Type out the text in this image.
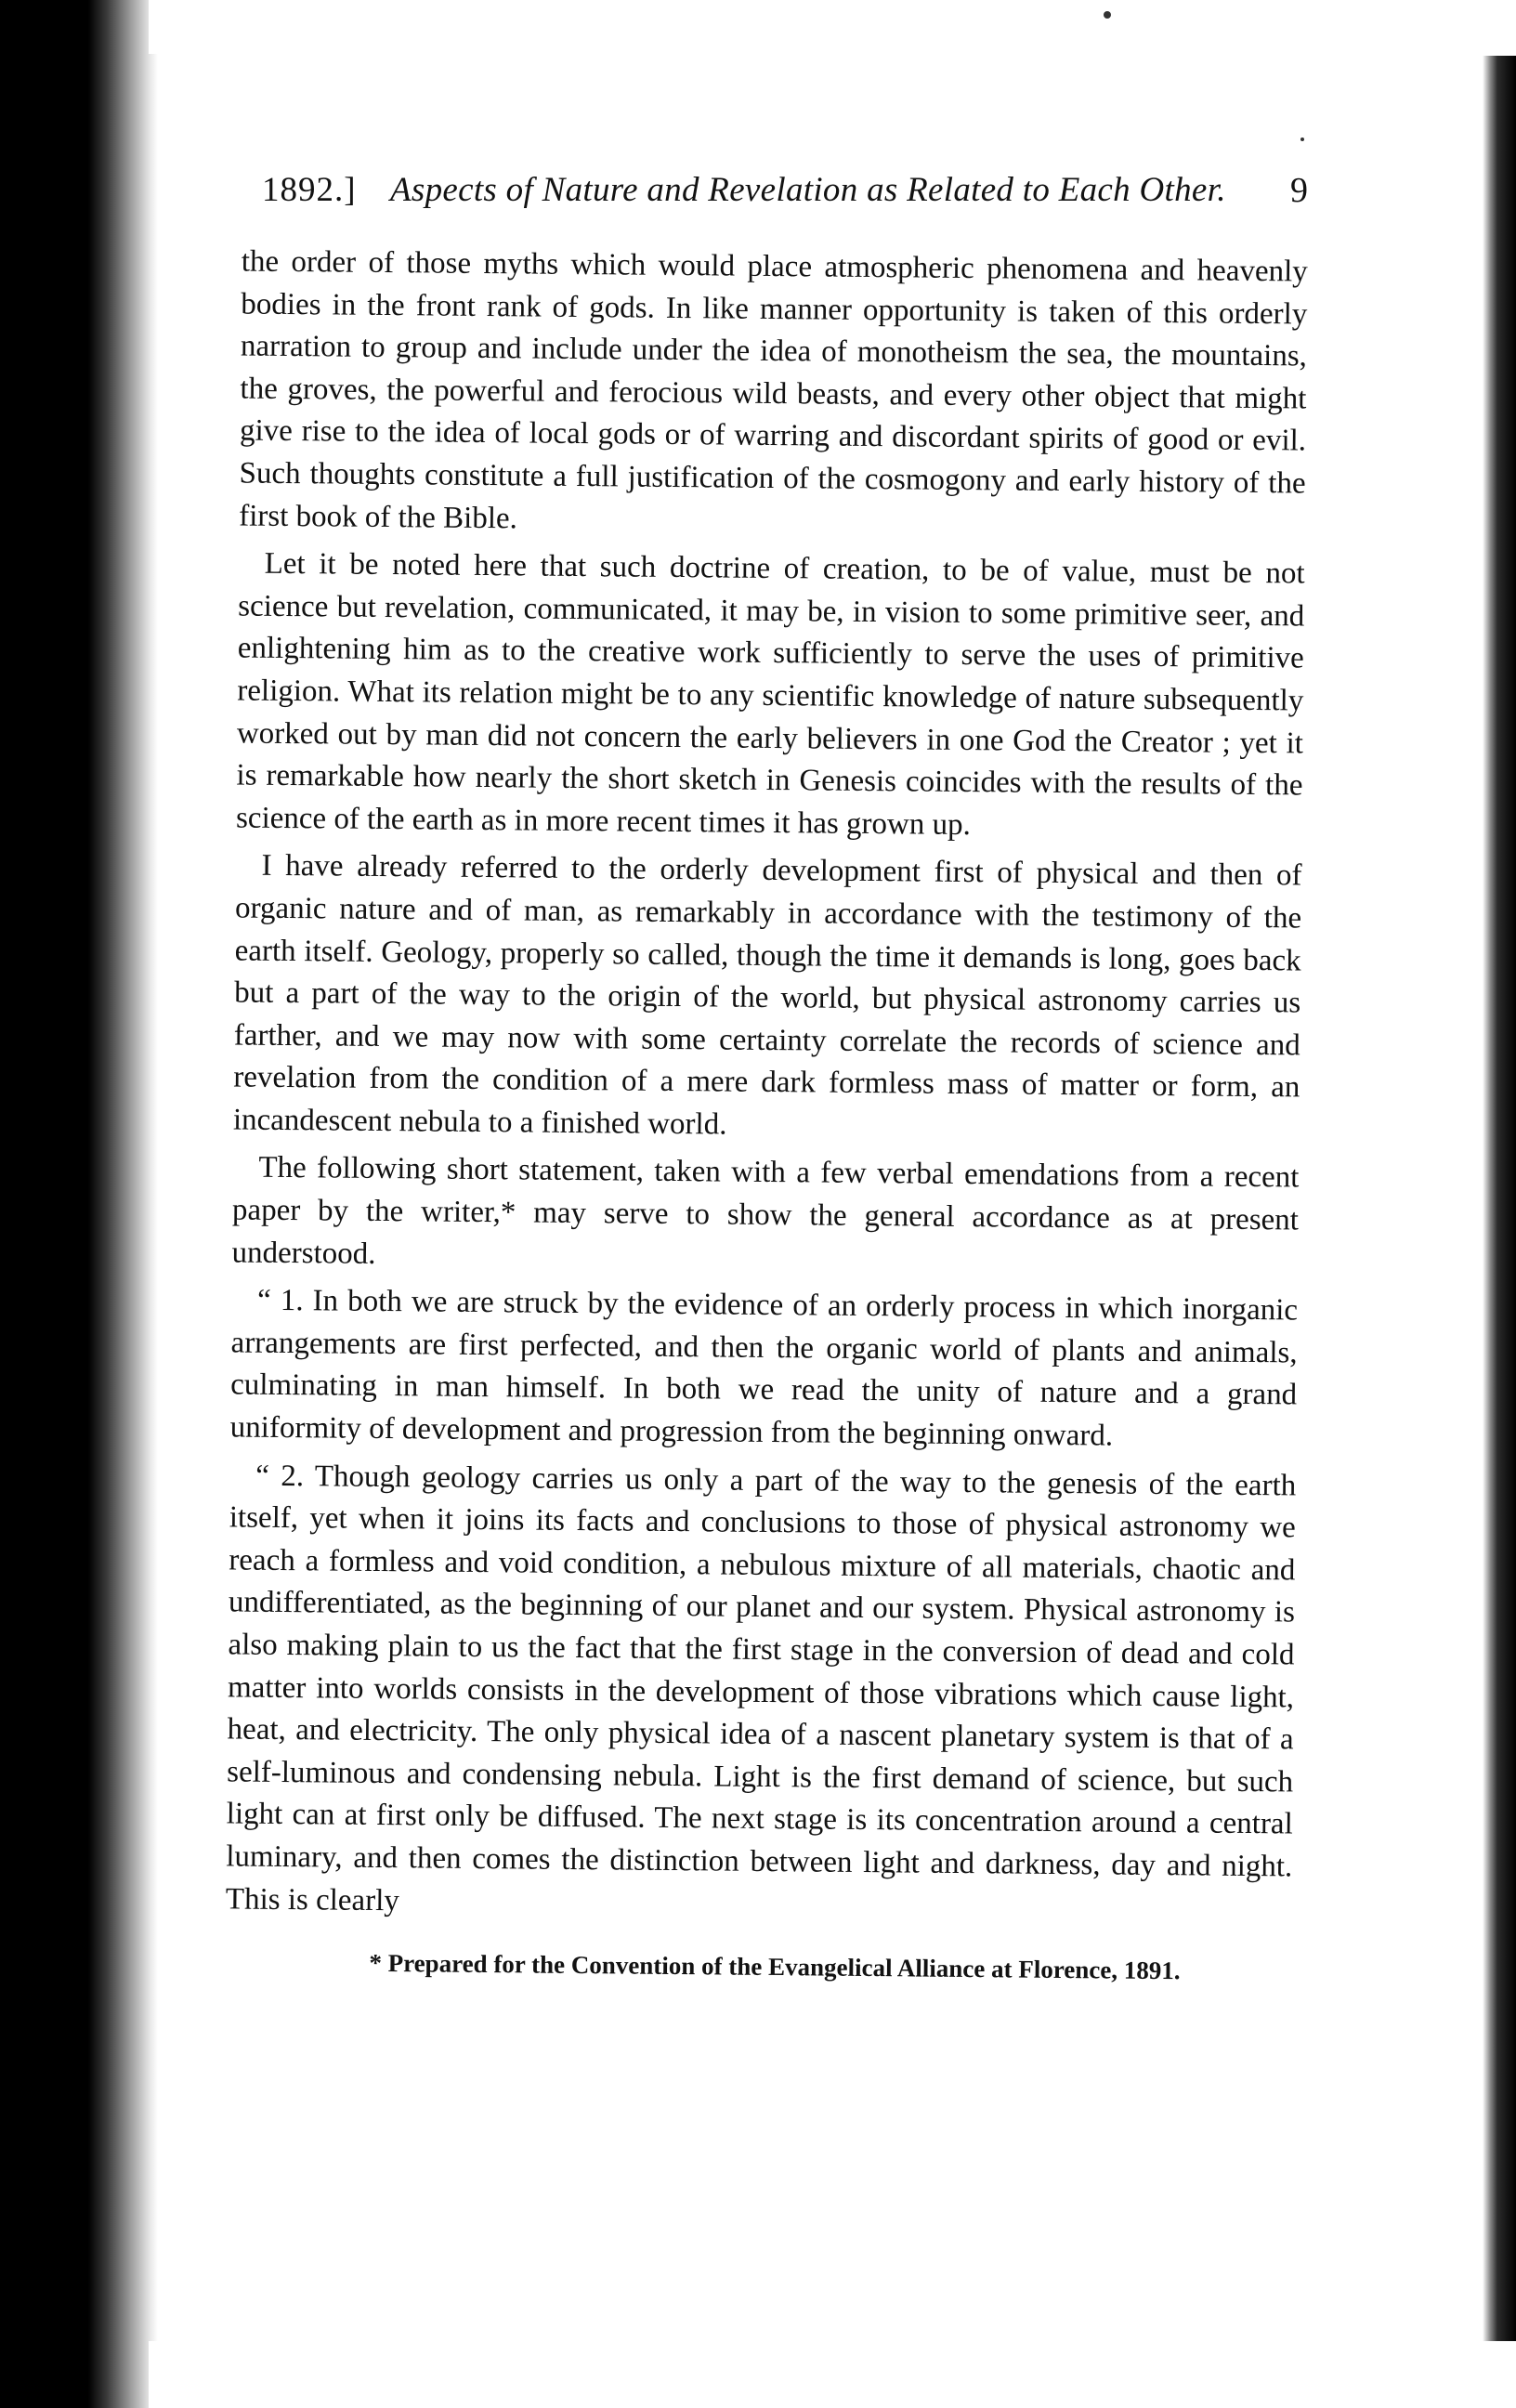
1892.] Aspects of Nature and Revelation as Related to Each Other. 9

the order of those myths which would place atmospheric phenomena and heavenly bodies in the front rank of gods. In like manner opportunity is taken of this orderly narration to group and include under the idea of monotheism the sea, the mountains, the groves, the powerful and ferocious wild beasts, and every other object that might give rise to the idea of local gods or of warring and discordant spirits of good or evil. Such thoughts constitute a full justification of the cosmogony and early history of the first book of the Bible.

Let it be noted here that such doctrine of creation, to be of value, must be not science but revelation, communicated, it may be, in vision to some primitive seer, and enlightening him as to the creative work sufficiently to serve the uses of primitive religion. What its relation might be to any scientific knowledge of nature subsequently worked out by man did not concern the early believers in one God the Creator ; yet it is remarkable how nearly the short sketch in Genesis coincides with the results of the science of the earth as in more recent times it has grown up.

I have already referred to the orderly development first of physical and then of organic nature and of man, as remarkably in accordance with the testimony of the earth itself. Geology, properly so called, though the time it demands is long, goes back but a part of the way to the origin of the world, but physical astronomy carries us farther, and we may now with some certainty correlate the records of science and revelation from the condition of a mere dark formless mass of matter or form, an incandescent nebula to a finished world.

The following short statement, taken with a few verbal emendations from a recent paper by the writer,* may serve to show the general accordance as at present understood.

“ 1. In both we are struck by the evidence of an orderly process in which inorganic arrangements are first perfected, and then the organic world of plants and animals, culminating in man himself. In both we read the unity of nature and a grand uniformity of development and progression from the beginning onward.

“ 2. Though geology carries us only a part of the way to the genesis of the earth itself, yet when it joins its facts and conclusions to those of physical astronomy we reach a formless and void condition, a nebulous mixture of all materials, chaotic and undifferentiated, as the beginning of our planet and our system. Physical astronomy is also making plain to us the fact that the first stage in the conversion of dead and cold matter into worlds consists in the development of those vibrations which cause light, heat, and electricity. The only physical idea of a nascent planetary system is that of a self-luminous and condensing nebula. Light is the first demand of science, but such light can at first only be diffused. The next stage is its concentration around a central luminary, and then comes the distinction between light and darkness, day and night. This is clearly

* Prepared for the Convention of the Evangelical Alliance at Florence, 1891.
